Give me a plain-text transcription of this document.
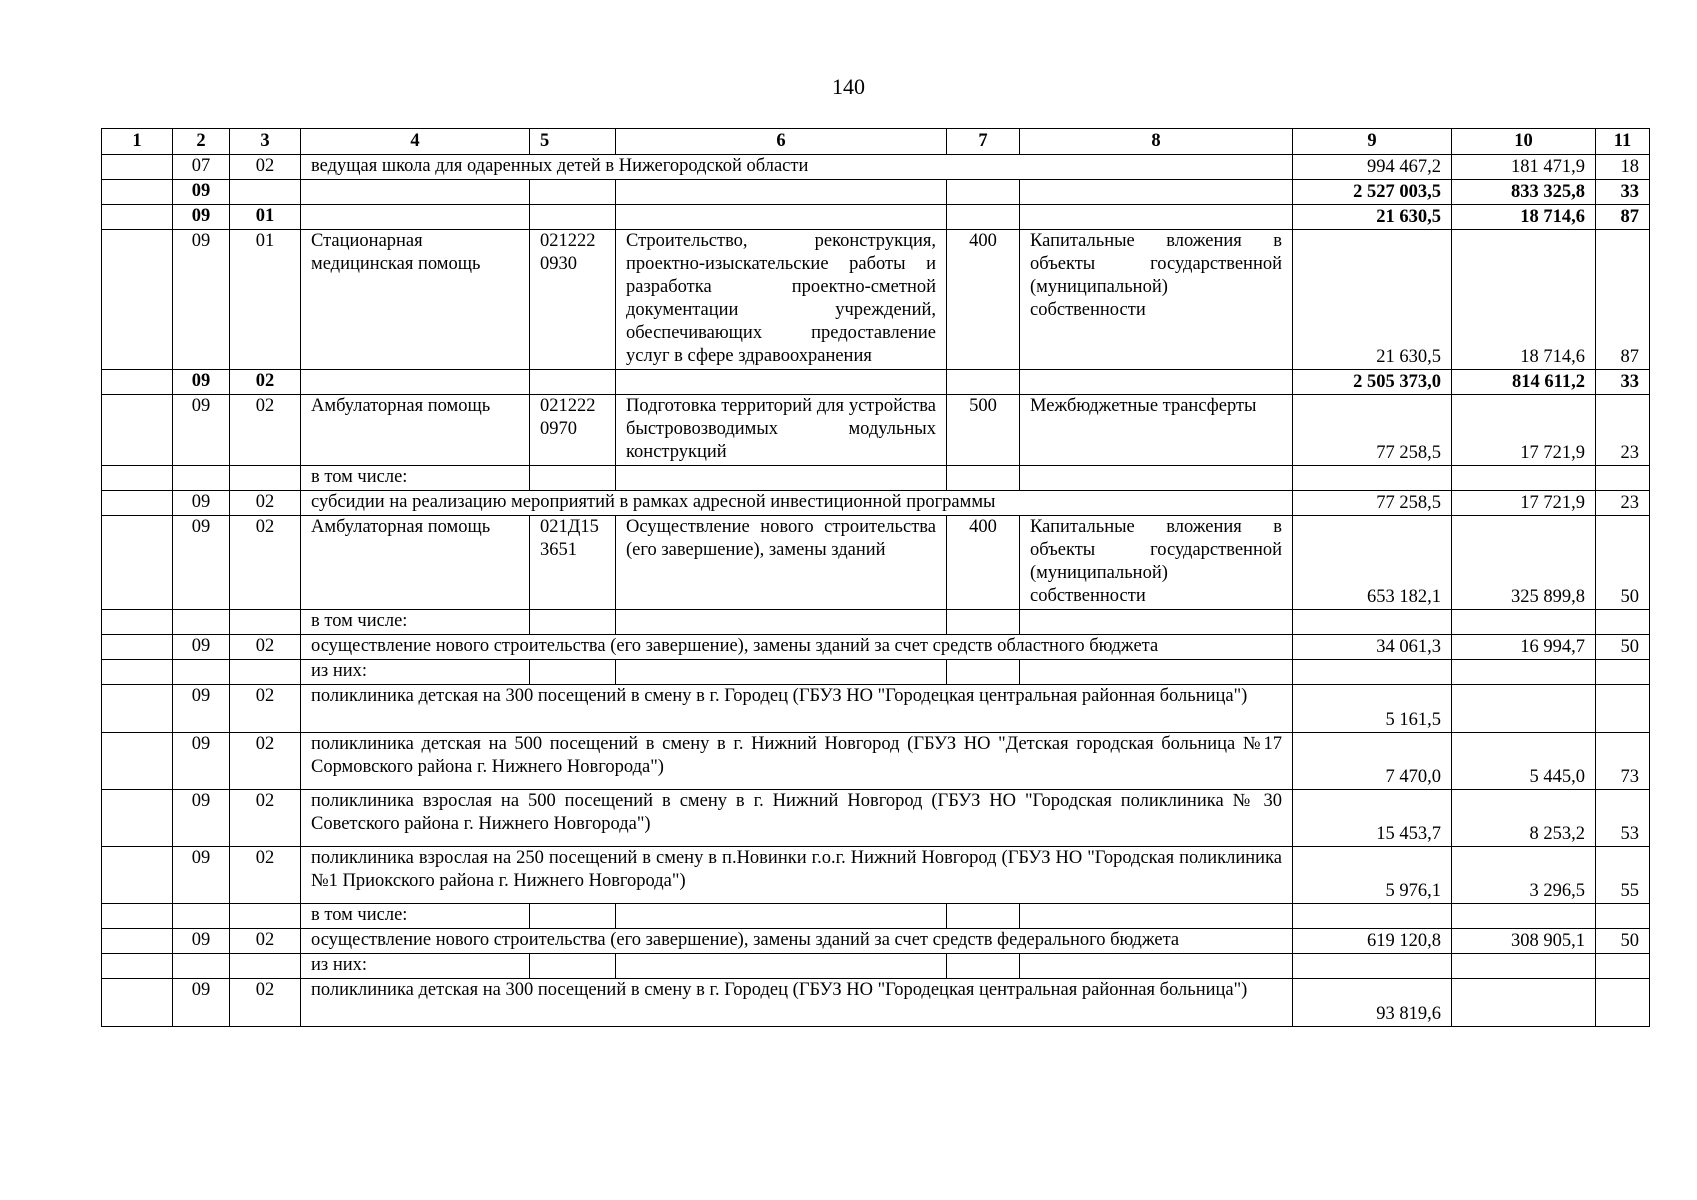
140
1	2	3	4	5	6	7	8	9	10	11
	07	02	ведущая школа для одаренных детей в Нижегородской области					994 467,2	181 471,9	18
	09							2 527 003,5	833 325,8	33
	09	01						21 630,5	18 714,6	87
	09	01	Стационарная медицинская помощь	021222 0930	Строительство, реконструкция, проектно-изыскательские работы и разработка проектно-сметной документации учреждений, обеспечивающих предоставление услуг в сфере здравоохранения	400	Капитальные вложения в объекты государственной (муниципальной) собственности	21 630,5	18 714,6	87
	09	02						2 505 373,0	814 611,2	33
	09	02	Амбулаторная помощь	021222 0970	Подготовка территорий для устройства быстровозводимых модульных конструкций	500	Межбюджетные трансферты	77 258,5	17 721,9	23
			в том числе:							
	09	02	субсидии на реализацию мероприятий в рамках адресной инвестиционной программы					77 258,5	17 721,9	23
	09	02	Амбулаторная помощь	021Д15 3651	Осуществление нового строительства (его завершение), замены зданий	400	Капитальные вложения в объекты государственной (муниципальной) собственности	653 182,1	325 899,8	50
			в том числе:							
	09	02	осуществление нового строительства (его завершение), замены зданий за счет средств областного бюджета					34 061,3	16 994,7	50
			из них:							
	09	02	поликлиника детская на 300 посещений в смену в г. Городец (ГБУЗ НО "Городецкая центральная районная больница")					5 161,5		
	09	02	поликлиника детская на 500 посещений в смену в г. Нижний Новгород (ГБУЗ НО "Детская городская больница №17 Сормовского района г. Нижнего Новгорода")					7 470,0	5 445,0	73
	09	02	поликлиника взрослая на 500 посещений в смену в г. Нижний Новгород (ГБУЗ НО "Городская поликлиника № 30 Советского района г. Нижнего Новгорода")					15 453,7	8 253,2	53
	09	02	поликлиника взрослая на 250 посещений в смену в п.Новинки г.о.г. Нижний Новгород (ГБУЗ НО "Городская поликлиника №1 Приокского района г. Нижнего Новгорода")					5 976,1	3 296,5	55
			в том числе:							
	09	02	осуществление нового строительства (его завершение), замены зданий за счет средств федерального бюджета					619 120,8	308 905,1	50
			из них:							
	09	02	поликлиника детская на 300 посещений в смену в г. Городец (ГБУЗ НО "Городецкая центральная районная больница")					93 819,6		
